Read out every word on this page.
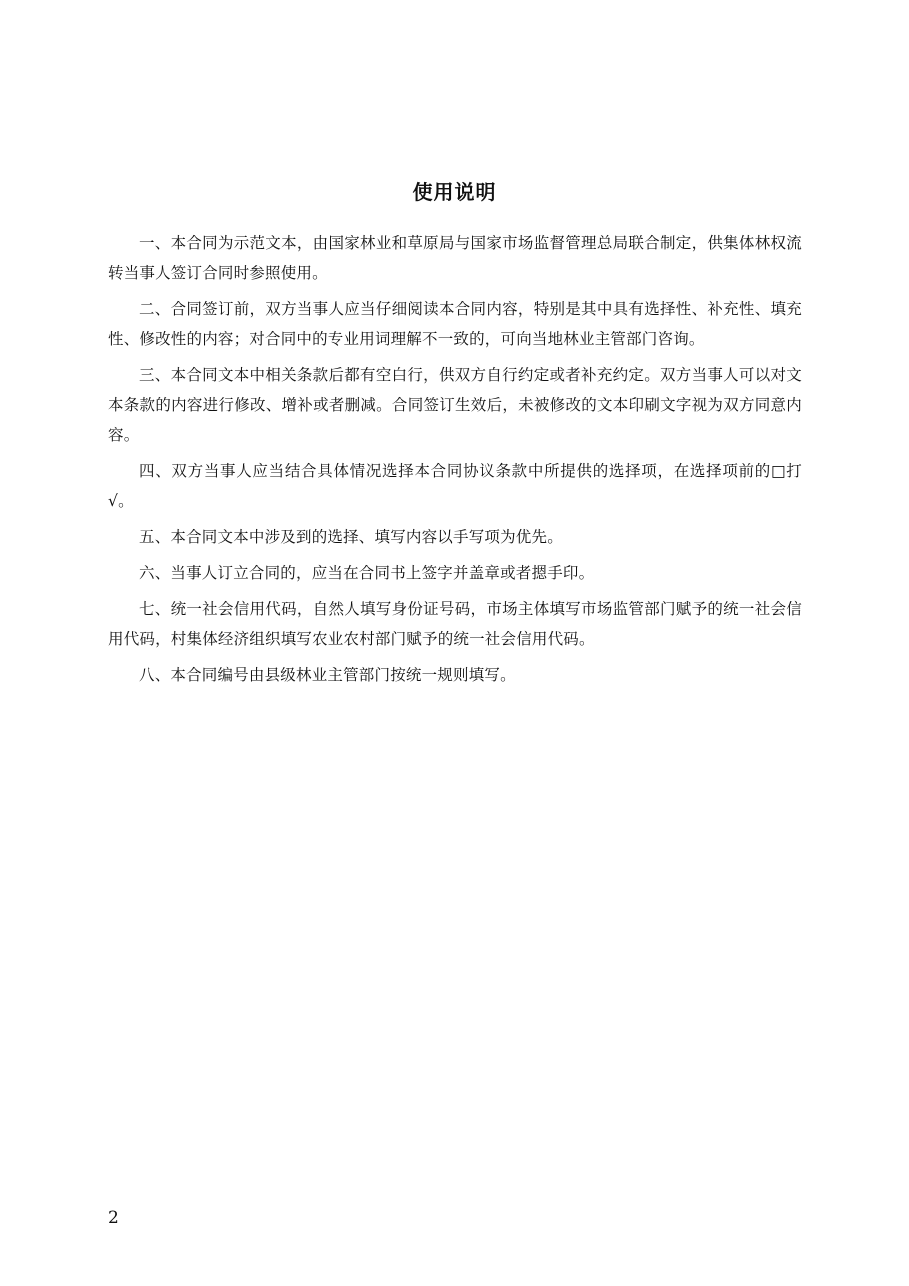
使用说明

一、本合同为示范文本，由国家林业和草原局与国家市场监督管理总局联合制定，供集体林权流转当事人签订合同时参照使用。

二、合同签订前，双方当事人应当仔细阅读本合同内容，特别是其中具有选择性、补充性、填充性、修改性的内容；对合同中的专业用词理解不一致的，可向当地林业主管部门咨询。

三、本合同文本中相关条款后都有空白行，供双方自行约定或者补充约定。双方当事人可以对文本条款的内容进行修改、增补或者删减。合同签订生效后，未被修改的文本印刷文字视为双方同意内容。

四、双方当事人应当结合具体情况选择本合同协议条款中所提供的选择项，在选择项前的□打√。

五、本合同文本中涉及到的选择、填写内容以手写项为优先。

六、当事人订立合同的，应当在合同书上签字并盖章或者摁手印。

七、统一社会信用代码，自然人填写身份证号码，市场主体填写市场监管部门赋予的统一社会信用代码，村集体经济组织填写农业农村部门赋予的统一社会信用代码。

八、本合同编号由县级林业主管部门按统一规则填写。

2
